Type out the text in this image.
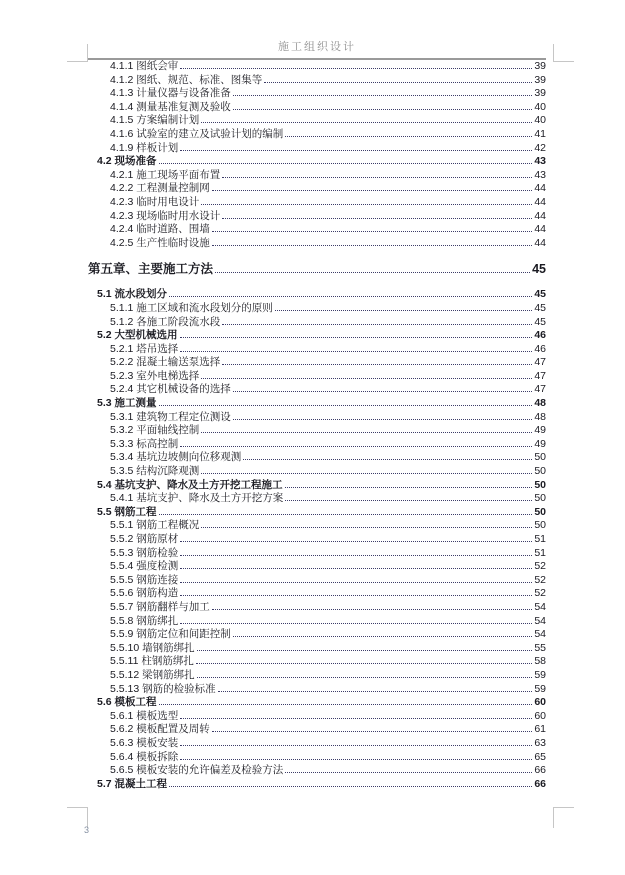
施工组织设计
4.1.1 图纸会审	39
4.1.2 图纸、规范、标准、图集等	39
4.1.3 计量仪器与设备准备	39
4.1.4 测量基准复测及验收	40
4.1.5 方案编制计划	40
4.1.6 试验室的建立及试验计划的编制	41
4.1.9 样板计划	42
4.2 现场准备	43
4.2.1 施工现场平面布置	43
4.2.2 工程测量控制网	44
4.2.3 临时用电设计	44
4.2.3 现场临时用水设计	44
4.2.4 临时道路、围墙	44
4.2.5 生产性临时设施	44
第五章、主要施工方法	45
5.1 流水段划分	45
5.1.1 施工区域和流水段划分的原则	45
5.1.2 各施工阶段流水段	45
5.2 大型机械选用	46
5.2.1 塔吊选择	46
5.2.2 混凝土输送泵选择	47
5.2.3 室外电梯选择	47
5.2.4 其它机械设备的选择	47
5.3 施工测量	48
5.3.1 建筑物工程定位测设	48
5.3.2 平面轴线控制	49
5.3.3 标高控制	49
5.3.4 基坑边坡侧向位移观测	50
5.3.5 结构沉降观测	50
5.4 基坑支护、降水及土方开挖工程施工	50
5.4.1 基坑支护、降水及土方开挖方案	50
5.5 钢筋工程	50
5.5.1 钢筋工程概况	50
5.5.2 钢筋原材	51
5.5.3 钢筋检验	51
5.5.4 强度检测	52
5.5.5 钢筋连接	52
5.5.6 钢筋构造	52
5.5.7 钢筋翻样与加工	54
5.5.8 钢筋绑扎	54
5.5.9 钢筋定位和间距控制	54
5.5.10 墙钢筋绑扎	55
5.5.11 柱钢筋绑扎	58
5.5.12 梁钢筋绑扎	59
5.5.13 钢筋的检验标准	59
5.6 模板工程	60
5.6.1 模板选型	60
5.6.2 模板配置及周转	61
5.6.3 模板安装	63
5.6.4 模板拆除	65
5.6.5 模板安装的允许偏差及检验方法	66
5.7 混凝土工程	66
3
